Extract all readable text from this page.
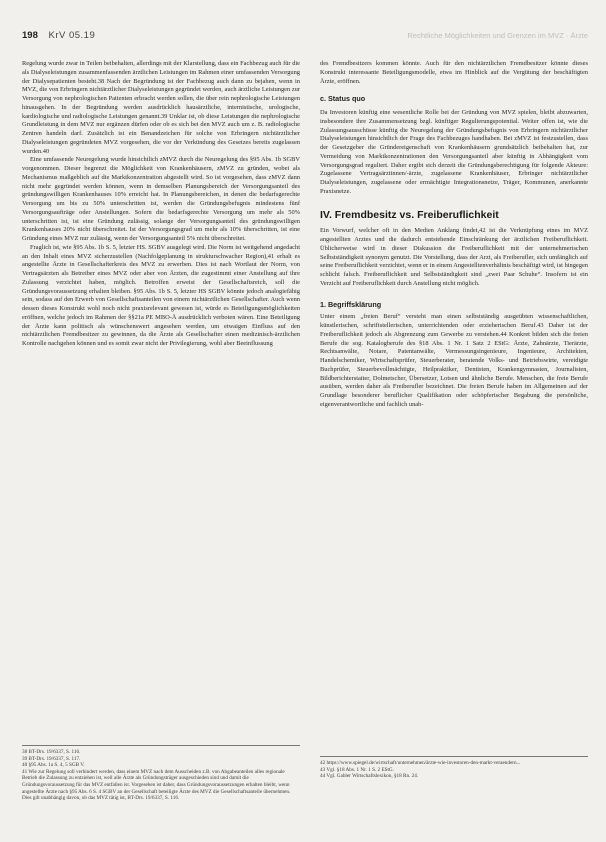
198 KrV 05.19	Rechtliche Möglichkeiten und Grenzen im MVZ · Ärzte

Regelung wurde zwar in Teilen beibehalten, allerdings mit der Klarstellung, dass ein Fachbezug auch für die als Dialyseleistungen zusammenfassenden ärztlichen Leistungen im Rahmen einer umfassenden Versorgung der Dialysepatienten besteht.38 Nach der Begründung ist der Fachbezug auch dann zu bejahen, wenn in MVZ, die von Erbringern nichtärztlicher Dialyseleistungen gegründet werden, auch ärztliche Leistungen zur Versorgung von nephrologischen Patienten erbracht werden sollen, die über rein nephrologische Leistungen hinausgehen. In der Begründung werden ausdrücklich hausärztliche, internistische, urologische, kardiologische und radiologische Leistungen genannt.39 Unklar ist, ob diese Leistungen die nephrologische Grundleistung in dem MVZ nur ergänzen dürfen oder ob es sich bei den MVZ auch um z. B. radiologische Zentren handeln darf. Zusätzlich ist ein Benandzeichen für solche von Erbringern nichtärztlicher Dialyseleistungen gegründeten MVZ vorgesehen, die vor der Verkündung des Gesetzes bereits zugelassen wurden.40

Eine umfassende Neuregelung wurde hinsichtlich zMVZ durch die Neuregelung des §95 Abs. 1b SGBV vorgenommen. Dieser begrenzt die Möglichkeit von Krankenhäusern, zMVZ zu gründen, wobei als Mechanismus maßgeblich auf die Marktkonzentration abgestellt wird. So ist vorgesehen, dass zMVZ dann nicht mehr gegründet werden können, wenn in demselben Planungsbereich der Versorgungsanteil des gründungswilligen Krankenhauses 10% erreicht hat. In Planungsbereichen, in denen die bedarfsgerechte Versorgung um bis zu 50% unterschritten ist, werden die Gründungsbefugnis mindestens fünf Versorgungsaufträge oder Anstellungen. Sofern die bedarfsgerechte Versorgung um mehr als 50% unterschritten ist, ist eine Gründung zulässig, solange der Versorgungsanteil des gründungswilligen Krankenhauses 20% nicht überschreitet. Ist der Versorgungsgrad um mehr als 10% überschritten, ist eine Gründung eines MVZ nur zulässig, wenn der Versorgungsanteil 5% nicht überschreitet.

Fraglich ist, wie §95 Abs. 1b S. 5, letzter HS. SGBV ausgelegt wird. Die Norm ist weitgehend angedacht an den Inhalt eines MVZ sicherzustellen (Nachfolgeplanung in strukturschwacher Region),41 erhalt es angestellte Ärzte in Gesellschafterkreis des MVZ zu erwerben. Dies ist nach Wortlaut der Norm, von Vertragsärzten als Betreiber eines MVZ oder aber von Ärzten, die zugestimmt einer Anstellung auf ihre Zulassung verzichtet haben, möglich. Betroffen erweist der Gesellschaftsreich, soll die Gründungsvoraussetzung erhalten bleiben. §95 Abs. 1b S. 5, letzter HS SGBV könnte jedoch analogiefähig sein, sodass auf den Erwerb von Gesellschaftsanteilen von einem nichtärztlichen Gesellschafter. Auch wenn dessen dieses Konstrukt wohl noch nicht praxisrelevant gewesen ist, würde es Beteiligungsmöglichkeiten eröffnen, welche jedoch im Rahmen der §§21a PE MBO-Ä ausdrücklich verboten wären. Eine Beteiligung der Ärzte kann politisch als wünschenswert angesehen werden, um etwaigen Einfluss auf den nichtärztlichen Fremdbesitzer zu gewinnen, da die Ärzte als Gesellschafter einen medizinisch-ärztlichen Kontrolle nachgehen können und es somit zwar nicht der Privilegierung, wohl aber Beeinflussung

38 BT-Drs. 19/6337, S. 116.
39 BT-Drs. 19/6337, S. 117.
40 §95 Abs. 1a S. 4, 5 SGB V.
41 Wie zur Regelung soll verhindert werden, dass einem MVZ nach dem Ausscheiden z.B. von Abgabeanteilen alles regionale Betrieb die Zulassung zu entziehen ist, weil alle Ärzte als Gründungsträger ausgeschieden sind und damit die Gründungsvoraussetzung für das MVZ entfallen ist. Vorgesehen ist daher, dass Gründungsvoraussetzungen erhalten bleibt, wenn angestellte Ärzte nach §95 Abs. 6 S. 4 SGBV an der Gesellschaft beteiligte Ärzte des MVZ die Gesellschaftsanteile übernehmen. Dies gilt unabhängig davon, ob das MVZ tätig ist, BT-Drs. 19/6337, S. 116.

des Fremdbesitzers kommen könnte. Auch für den nichtärztlichen Fremdbesitzer könnte dieses Konstrukt interessante Beteiligungsmodelle, etwa im Hinblick auf die Vergütung der beschäftigten Ärzte, eröffnen.

c. Status quo

Da Investoren künftig eine wesentliche Rolle bei der Gründung von MVZ spielen, bleibt abzuwarten, insbesondere ihre Zusammensetzung bzgl. künftiger Regulierungspotential. Weiter offen ist, wie die Zulassungsausschüsse künftig die Neuregelung der Gründungsbefugnis von Erbringern nichtärztlicher Dialyseleistungen hinsichtlich der Frage des Fachbezuges handhaben. Bei zMVZ ist festzustellen, dass der Gesetzgeber die Gründereigenschaft von Krankenhäusern grundsätzlich beibehalten hat, zur Vermeidung von Marktkonzentrationen den Versorgungsanteil aber künftig in Abhängigkeit vom Versorgungsgrad reguliert. Daher ergibt sich derzeit die Gründungsberechtigung für folgende Akteure: Zugelassene Vertragsärztinnen/-ärzte, zugelassene Krankenhäuser, Erbringer nichtärztlicher Dialyseleistungen, zugelassene oder ermächtigte Integrationsnetze, Träger, Kommunen, anerkannte Praxisnetze.

IV. Fremdbesitz vs. Freiberuflichkeit

Ein Vorwurf, welcher oft in den Medien Anklang findet,42 ist die Verknüpfung eines im MVZ angestellten Arztes und die dadurch entstehende Einschränkung der ärztlichen Freiberuflichkeit. Üblicherweise wird in dieser Diskussion die Freiberuflichkeit mit der unternehmerischen Selbstständigkeit synonym genutzt. Die Vorstellung, dass der Arzt, als Freiberufler, sich umfänglich auf seine Freiberuflichkeit verzichtet, wenn er in einem Angestelltenverhältnis beschäftigt wird, ist hingegen schlicht falsch. Freiberuflichkeit und Selbstständigkeit sind „zwei Paar Schuhe“. Insofern ist ein Verzicht auf Freiberuflichkeit durch Anstellung nicht möglich.

1. Begriffsklärung

Unter einem „freien Beruf“ versteht man einen selbstständig ausgeübten wissenschaftlichen, künstlerischen, schriftstellerischen, unterrichtenden oder erzieherischen Beruf.43 Daher ist der Freiberuflichkeit jedoch als Abgrenzung zum Gewerbe zu verstehen.44 Konkret bilden sich die freien Berufe die sog. Katalogberufe des §18 Abs. 1 Nr. 1 Satz 2 EStG: Ärzte, Zahnärzte, Tierärzte, Rechtsanwälte, Notare, Patentanwälte, Vermessungsingenieure, Ingenieure, Architekten, Handelschemiker, Wirtschaftsprüfer, Steuerberater, beratende Volks- und Betriebswirte, vereidigte Buchprüfer, Steuerbevollmächtigte, Heilpraktiker, Dentisten, Krankengymnasten, Journalisten, Bildberichterstatter, Dolmetscher, Übersetzer, Lotsen und ähnliche Berufe. Menschen, die freie Berufe ausüben, werden daher als Freiberufler bezeichnet. Die freien Berufe haben im Allgemeinen auf der Grundlage besonderer beruflicher Qualifikation oder schöpferischer Begabung die persönliche, eigenverantwortliche und fachlich unab-

42 https://www.spiegel.de/wirtschaft/unternehmen/ärzte-wie-investoren-den-markt-veraendern...
43 Vgl. §18 Abs. 1 Nr. 1 S. 2 EStG.
44 Vgl. Gabler Wirtschaftslexikon, §18 Rn. 24.
